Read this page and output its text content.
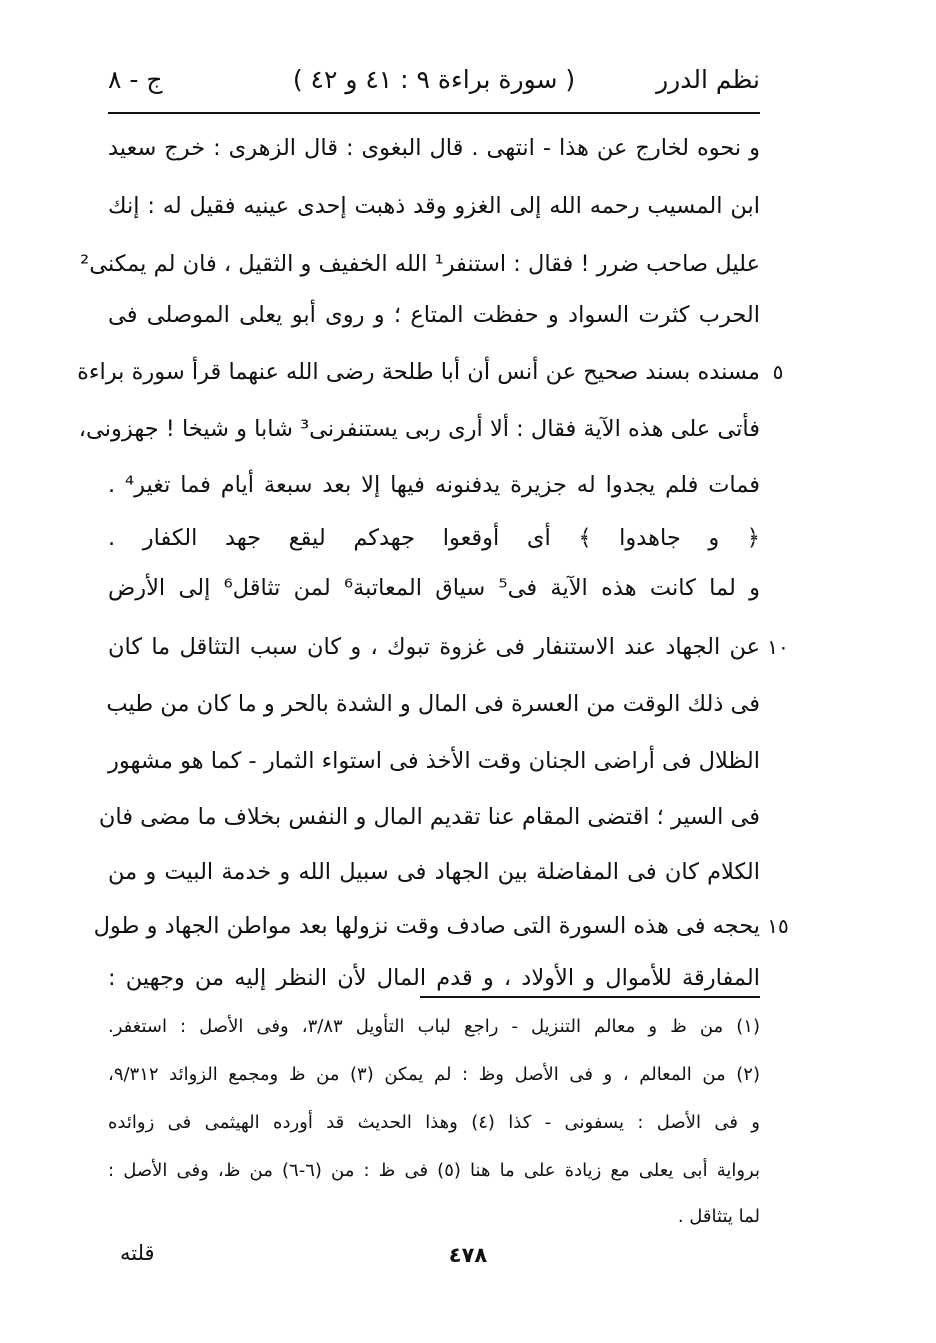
نظم الدرر
( سورة براءة ٩ : ٤١ و ٤٢ )
ج - ٨
و نحوه لخارج عن هذا - انتهى . قال البغوى : قال الزهرى : خرج سعيد
ابن المسيب رحمه الله إلى الغزو وقد ذهبت إحدى عينيه فقيل له : إنك
عليل صاحب ضرر ! فقال : استنفر¹ الله الخفيف و الثقيل ، فان لم يمكنى²
الحرب كثرت السواد و حفظت المتاع ؛ و روى أبو يعلى الموصلى فى
مسنده بسند صحيح عن أنس أن أبا طلحة رضى الله عنهما قرأ سورة براءة
فأتى على هذه الآية فقال : ألا أرى ربى يستنفرنى³ شابا و شيخا ! جهزونى،
فمات فلم يجدوا له جزيرة يدفنونه فيها إلا بعد سبعة أيام فما تغير⁴ .
﴿ و جاهدوا ﴾ أى أوقعوا جهدكم ليقع جهد الكفار .
و لما كانت هذه الآية فى⁵ سياق المعاتبة⁶ لمن تثاقل⁶ إلى الأرض
عن الجهاد عند الاستنفار فى غزوة تبوك ، و كان سبب التثاقل ما كان
فى ذلك الوقت من العسرة فى المال و الشدة بالحر و ما كان من طيب
الظلال فى أراضى الجنان وقت الأخذ فى استواء الثمار - كما هو مشهور
فى السير ؛ اقتضى المقام عنا تقديم المال و النفس بخلاف ما مضى فان
الكلام كان فى المفاضلة بين الجهاد فى سبيل الله و خدمة البيت و من
يحجه فى هذه السورة التى صادف وقت نزولها بعد مواطن الجهاد و طول
المفارقة للأموال و الأولاد ، و قدم المال لأن النظر إليه من وجهين :
(١) من ظ و معالم التنزيل - راجع لباب التأويل ٣/٨٣، وفى الأصل : استغفر.
(٢) من المعالم ، و فى الأصل وظ : لم يمكن (٣) من ظ ومجمع الزوائد ٩/٣١٢،
و فى الأصل : يسفونى - كذا (٤) وهذا الحديث قد أورده الهيثمى فى زوائده
برواية أبى يعلى مع زيادة على ما هنا (٥) فى ظ : من (٦-٦) من ظ، وفى الأصل :
لما يتثاقل .
قلته	٤٧٨
٥
١٠
١٥
